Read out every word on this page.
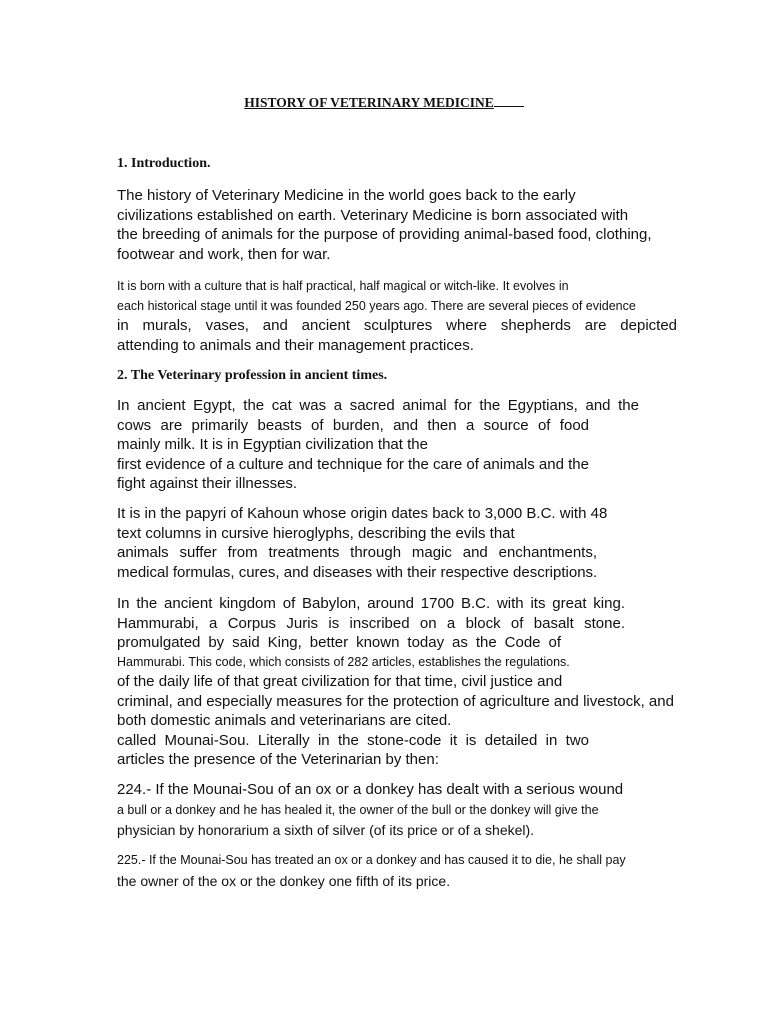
HISTORY OF VETERINARY MEDICINE
1. Introduction.
The history of Veterinary Medicine in the world goes back to the early
civilizations established on earth. Veterinary Medicine is born associated with
the breeding of animals for the purpose of providing animal-based food, clothing,
footwear and work, then for war.
It is born with a culture that is half practical, half magical or witch-like. It evolves in
each historical stage until it was founded 250 years ago. There are several pieces of evidence
in murals, vases, and ancient sculptures where shepherds are depicted
attending to animals and their management practices.
2. The Veterinary profession in ancient times.
In ancient Egypt, the cat was a sacred animal for the Egyptians, and the
cows are primarily beasts of burden, and then a source of food
mainly milk. It is in Egyptian civilization that the
first evidence of a culture and technique for the care of animals and the
fight against their illnesses.
It is in the papyri of Kahoun whose origin dates back to 3,000 B.C. with 48
text columns in cursive hieroglyphs, describing the evils that
animals suffer from treatments through magic and enchantments,
medical formulas, cures, and diseases with their respective descriptions.
In the ancient kingdom of Babylon, around 1700 B.C. with its great king.
Hammurabi, a Corpus Juris is inscribed on a block of basalt stone.
promulgated by said King, better known today as the Code of
Hammurabi. This code, which consists of 282 articles, establishes the regulations.
of the daily life of that great civilization for that time, civil justice and
criminal, and especially measures for the protection of agriculture and livestock, and
both domestic animals and veterinarians are cited.
called Mounai-Sou. Literally in the stone-code it is detailed in two
articles the presence of the Veterinarian by then:
224.- If the Mounai-Sou of an ox or a donkey has dealt with a serious wound
a bull or a donkey and he has healed it, the owner of the bull or the donkey will give the
physician by honorarium a sixth of silver (of its price or of a shekel).
225.- If the Mounai-Sou has treated an ox or a donkey and has caused it to die, he shall pay
the owner of the ox or the donkey one fifth of its price.
